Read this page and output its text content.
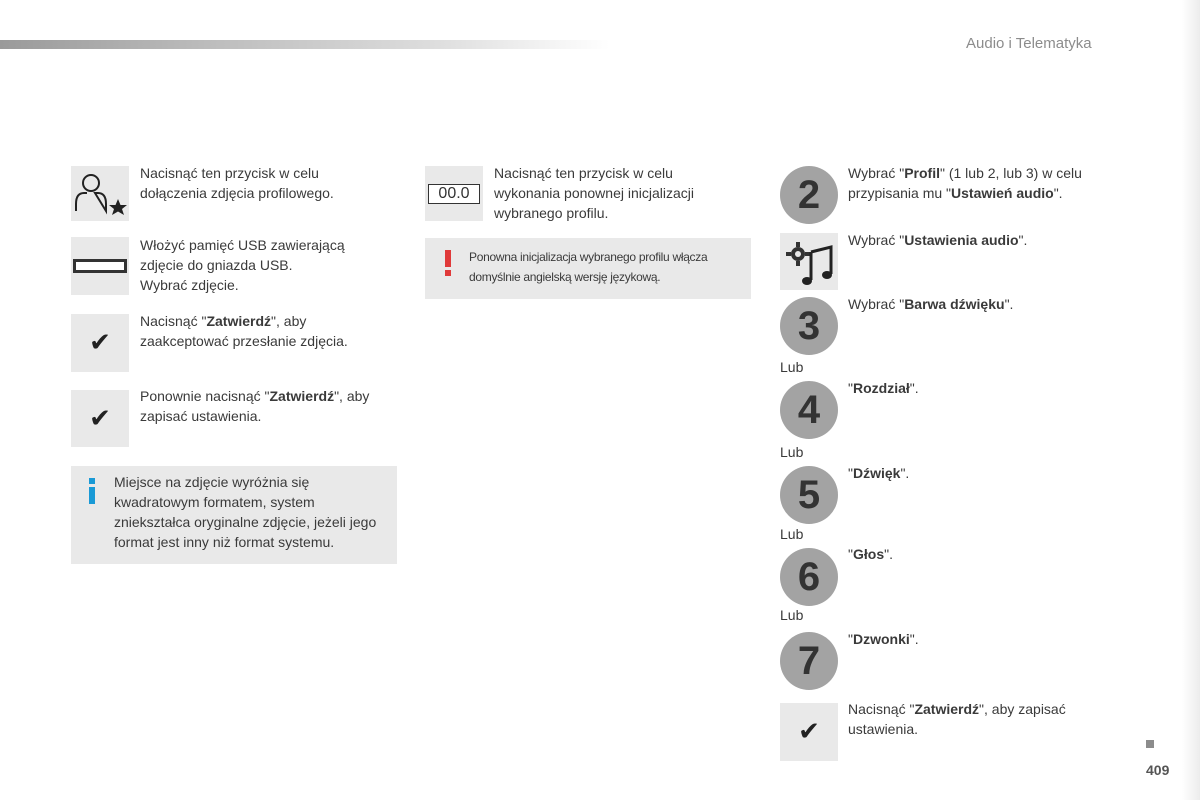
Audio i Telematyka
Nacisnąć ten przycisk w celu dołączenia zdjęcia profilowego.
Włożyć pamięć USB zawierającą
zdjęcie do gniazda USB.
Wybrać zdjęcie.
✔
Nacisnąć "Zatwierdź", aby
zaakceptować przesłanie zdjęcia.
✔
Ponownie nacisnąć "Zatwierdź", aby
zapisać ustawienia.
Miejsce na zdjęcie wyróżnia się kwadratowym formatem, system zniekształca oryginalne zdjęcie, jeżeli jego format jest inny niż format systemu.
00.0
Nacisnąć ten przycisk w celu wykonania ponownej inicjalizacji wybranego profilu.
Ponowna inicjalizacja wybranego profilu włącza domyślnie angielską wersję językową.
2	Wybrać "Profil" (1 lub 2, lub 3) w celu przypisania mu "Ustawień audio".
Wybrać "Ustawienia audio".
3	Wybrać "Barwa dźwięku".
Lub
4	"Rozdział".
Lub
5	"Dźwięk".
Lub
6
"Głos".
Lub
7	"Dzwonki".
✔
Nacisnąć "Zatwierdź", aby zapisać ustawienia.
409
